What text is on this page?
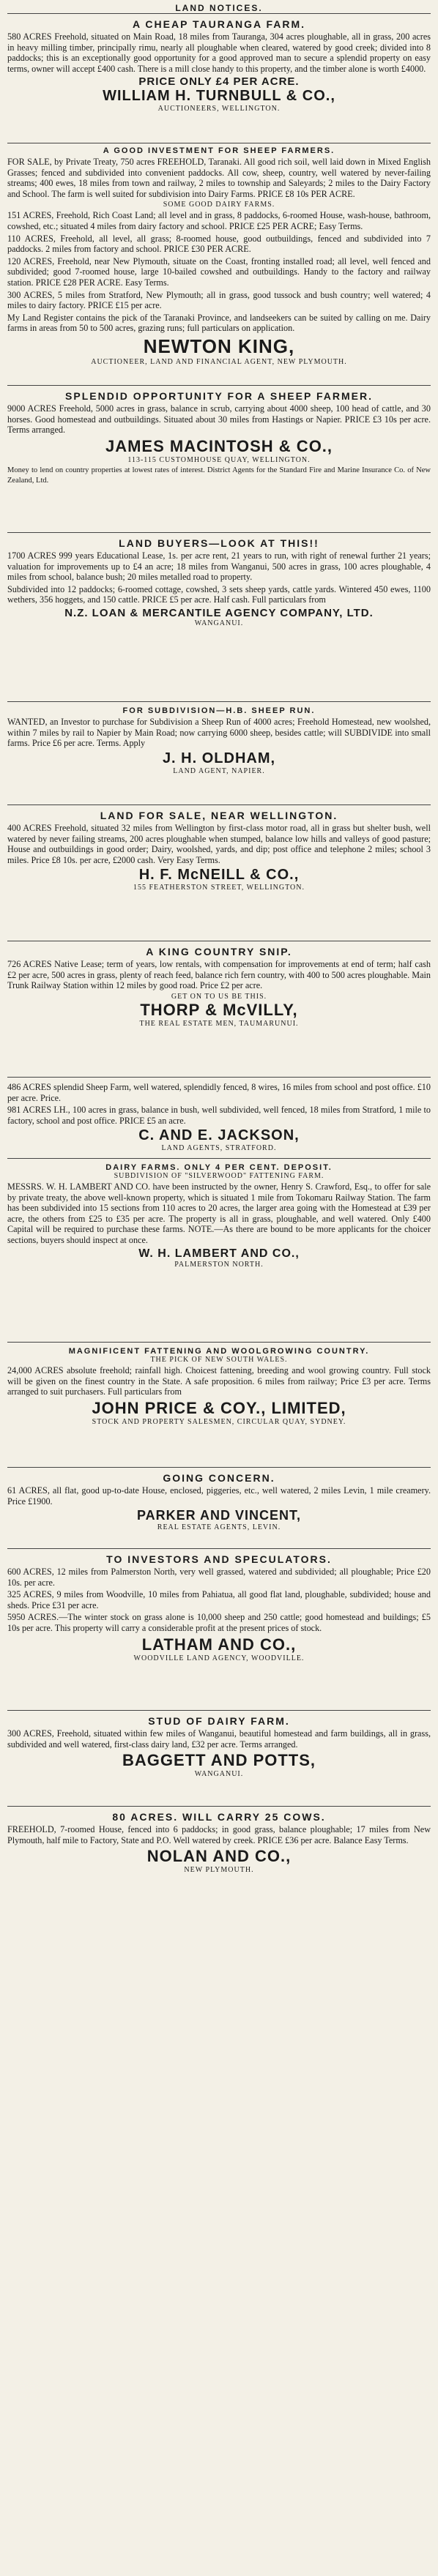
LAND NOTICES.
A CHEAP TAURANGA FARM.

580 ACRES Freehold, situated on Main Road, 18 miles from Tauranga, 304 acres ploughable, all in grass, 200 acres in heavy milling timber, principally rimu, nearly all ploughable when cleared, watered by good creek; divided into 8 paddocks; this is an exceptionally good opportunity for a good approved man to secure a splendid property on easy terms, owner will accept £400 cash. There is a mill close handy to this property, and the timber alone is worth £4000.

PRICE ONLY £4 PER ACRE.
WILLIAM H. TURNBULL & CO.,
AUCTIONEERS, WELLINGTON.
A GOOD INVESTMENT FOR SHEEP FARMERS.

FOR SALE, by Private Treaty, 750 acres FREEHOLD, Taranaki. All good rich soil, well laid down in Mixed English Grasses; fenced and subdivided into convenient paddocks. All cow, sheep, country, well watered by never-failing streams; 400 ewes, 18 miles from town and railway, 2 miles to township and Saleyards; 2 miles to the Dairy Factory and School. The farm is well suited for subdivision into Dairy Farms. PRICE £8 10s PER ACRE.

SOME GOOD DAIRY FARMS.

151 ACRES, Freehold, Rich Coast Land; all level and in grass, 8 paddocks, 6-roomed House, wash-house, bathroom, cowshed, etc.; situated 4 miles from dairy factory and school. PRICE £25 PER ACRE; Easy Terms.

110 ACRES, Freehold, all level, all grass; 8-roomed house, good outbuildings, fenced and subdivided into 7 paddocks. 2 miles from factory and school. PRICE £30 PER ACRE.

120 ACRES, Freehold, near New Plymouth, situate on the Coast, fronting installed road; all level, well fenced and subdivided; good 7-roomed house, large 10-bailed cowshed and outbuildings. Handy to the factory and railway station. PRICE £28 PER ACRE. Easy Terms.

300 ACRES, 5 miles from Stratford, New Plymouth; all in grass, good tussock and bush country; well watered; 4 miles to dairy factory. PRICE £15 per acre.

My Land Register contains the pick of the Taranaki Province, and landseekers can be suited by calling on me. Dairy farms in areas from 50 to 500 acres, grazing runs; full particulars on application.

NEWTON KING,
AUCTIONEER, LAND AND FINANCIAL AGENT, NEW PLYMOUTH.
SPLENDID OPPORTUNITY FOR A SHEEP FARMER.

9000 ACRES Freehold, 5000 acres in grass, balance in scrub, carrying about 4000 sheep, 100 head of cattle, and 30 horses. Good homestead and outbuildings. Situated about 30 miles from Hastings or Napier. PRICE £3 10s per acre. Terms arranged.

JAMES MACINTOSH & CO.,
113-115 CUSTOMHOUSE QUAY, WELLINGTON.

Money to lend on country properties at lowest rates of interest. District Agents for the Standard Fire and Marine Insurance Co. of New Zealand, Ltd.

LAND BUYERS—LOOK AT THIS!!

1700 ACRES 999 years Educational Lease, 1s. per acre rent, 21 years to run, with right of renewal further 21 years; valuation for improvements up to £4 an acre; 18 miles from Wanganui, 500 acres in grass, 100 acres ploughable, 4 miles from school, balance bush; 20 miles metalled road to property.

Subdivided into 12 paddocks; 6-roomed cottage, cowshed, 3 sets sheep yards, cattle yards. Wintered 450 ewes, 1100 wethers, 356 hoggets, and 150 cattle. PRICE £5 per acre. Half cash. Full particulars from

N.Z. LOAN & MERCANTILE AGENCY COMPANY, LTD.
WANGANUI.
FOR SUBDIVISION—H.B. SHEEP RUN.

WANTED, an Investor to purchase for Subdivision a Sheep Run of 4000 acres; Freehold Homestead, new woolshed, within 7 miles by rail to Napier by Main Road; now carrying 6000 sheep, besides cattle; will SUBDIVIDE into small farms. Price £6 per acre. Terms. Apply

J. H. OLDHAM,
LAND AGENT, NAPIER.
LAND FOR SALE, NEAR WELLINGTON.

400 ACRES Freehold, situated 32 miles from Wellington by first-class motor road, all in grass but shelter bush, well watered by never failing streams, 200 acres ploughable when stumped, balance low hills and valleys of good pasture; House and outbuildings in good order; Dairy, woolshed, yards, and dip; post office and telephone 2 miles; school 3 miles. Price £8 10s. per acre, £2000 cash. Very Easy Terms.

H. F. McNEILL & CO.,
155 FEATHERSTON STREET, WELLINGTON.
A KING COUNTRY SNIP.

726 ACRES Native Lease; term of years, low rentals, with compensation for improvements at end of term; half cash £2 per acre, 500 acres in grass, plenty of reach feed, balance rich fern country, with 400 to 500 acres ploughable. Main Trunk Railway Station within 12 miles by good road. Price £2 per acre.

GET ON TO US BE THIS.
THORP & McVILLY,
THE REAL ESTATE MEN, TAUMARUNUI.

486 ACRES splendid Sheep Farm, well watered, splendidly fenced, 8 wires, 16 miles from school and post office. £10 per acre. Price.

981 ACRES LH., 100 acres in grass, balance in bush, well subdivided, well fenced, 18 miles from Stratford, 1 mile to factory, school and post office. PRICE £5 an acre.

C. AND E. JACKSON,
LAND AGENTS, STRATFORD.
DAIRY FARMS. ONLY 4 PER CENT. DEPOSIT.
SUBDIVISION OF "SILVERWOOD" FATTENING FARM.

MESSRS. W. H. LAMBERT AND CO. have been instructed by the owner, Henry S. Crawford, Esq., to offer for sale by private treaty, the above well-known property, which is situated 1 mile from Tokomaru Railway Station. The farm has been subdivided into 15 sections from 110 acres to 20 acres, the larger area going with the Homestead at £39 per acre, the others from £25 to £35 per acre. The property is all in grass, ploughable, and well watered. Only £400 Capital will be required to purchase these farms. NOTE.—As there are bound to be more applicants for the choicer sections, buyers should inspect at once.

W. H. LAMBERT AND CO.,
PALMERSTON NORTH.
MAGNIFICENT FATTENING AND WOOLGROWING COUNTRY.
THE PICK OF NEW SOUTH WALES.

24,000 ACRES absolute freehold; rainfall high. Choicest fattening, breeding and wool growing country. Full stock will be given on the finest country in the State. A safe proposition. 6 miles from railway; Price £3 per acre. Terms arranged to suit purchasers. Full particulars from

JOHN PRICE & COY., LIMITED,
STOCK AND PROPERTY SALESMEN, CIRCULAR QUAY, SYDNEY.
GOING CONCERN.

61 ACRES, all flat, good up-to-date House, enclosed, piggeries, etc., well watered, 2 miles Levin, 1 mile creamery. Price £1900.

PARKER AND VINCENT,
REAL ESTATE AGENTS, LEVIN.
TO INVESTORS AND SPECULATORS.

600 ACRES, 12 miles from Palmerston North, very well grassed, watered and subdivided; all ploughable; Price £20 10s. per acre.

325 ACRES, 9 miles from Woodville, 10 miles from Pahiatua, all good flat land, ploughable, subdivided; house and sheds. Price £31 per acre.

5950 ACRES.—The winter stock on grass alone is 10,000 sheep and 250 cattle; good homestead and buildings; £5 10s per acre. This property will carry a considerable profit at the present prices of stock.

LATHAM AND CO.,
WOODVILLE LAND AGENCY, WOODVILLE.
STUD OF DAIRY FARM.

300 ACRES, Freehold, situated within few miles of Wanganui, beautiful homestead and farm buildings, all in grass, subdivided and well watered, first-class dairy land, £32 per acre. Terms arranged.

BAGGETT AND POTTS,
WANGANUI.
80 ACRES. WILL CARRY 25 COWS.

FREEHOLD, 7-roomed House, fenced into 6 paddocks; in good grass, balance ploughable; 17 miles from New Plymouth, half mile to Factory, State and P.O. Well watered by creek. PRICE £36 per acre. Balance Easy Terms.

NOLAN AND CO.,
NEW PLYMOUTH.
